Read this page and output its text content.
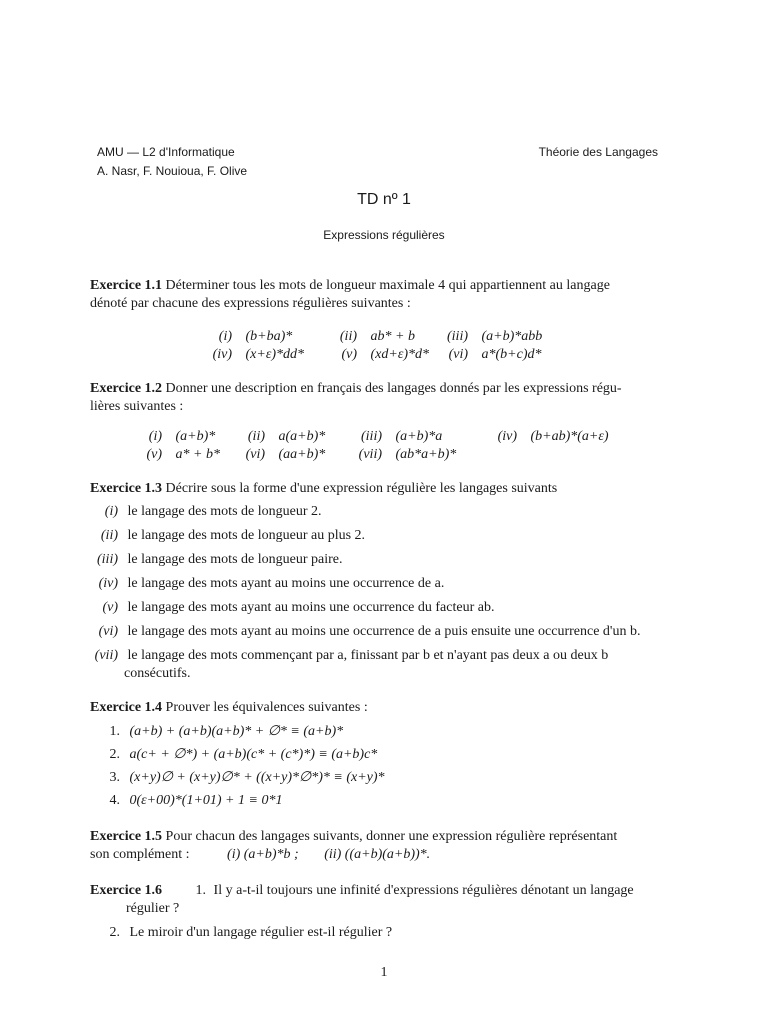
AMU — L2 d'Informatique
A. Nasr, F. Nouioua, F. Olive
Théorie des Langages
TD nº 1
Expressions régulières
Exercice 1.1 Déterminer tous les mots de longueur maximale 4 qui appartiennent au langage
dénoté par chacune des expressions régulières suivantes :
(i) (b+ba)*	(ii) ab* + b (iii) (a+b)*abb
(iv) (x+ε)*dd*	(v) (xd+ε)*d* (vi) a*(b+c)d*
Exercice 1.2 Donner une description en français des langages donnés par les expressions régu-
lières suivantes :
(i) (a+b)* (ii) a(a+b)*	(iii) (a+b)*a	(iv) (b+ab)*(a+ε)
(v) a* + b* (vi) (aa+b)* (vii) (ab*a+b)*
Exercice 1.3 Décrire sous la forme d'une expression régulière les langages suivants
(i) le langage des mots de longueur 2.
(ii) le langage des mots de longueur au plus 2.
(iii) le langage des mots de longueur paire.
(iv) le langage des mots ayant au moins une occurrence de a.
(v) le langage des mots ayant au moins une occurrence du facteur ab.
(vi) le langage des mots ayant au moins une occurrence de a puis ensuite une occurrence d'un b.
(vii) le langage des mots commençant par a, finissant par b et n'ayant pas deux a ou deux b
consécutifs.
Exercice 1.4 Prouver les équivalences suivantes :
1. (a+b) + (a+b)(a+b)* + ∅* ≡ (a+b)*
2. a(c+ + ∅*) + (a+b)(c* + (c*)*) ≡ (a+b)c*
3. (x+y)∅ + (x+y)∅* + ((x+y)*∅*)* ≡ (x+y)*
4. 0(ε+00)*(1+01) + 1 ≡ 0*1
Exercice 1.5 Pour chacun des langages suivants, donner une expression régulière représentant
son complément :	(i) (a+b)*b ; (ii) ((a+b)(a+b))*.
Exercice 1.6 1. Il y a-t-il toujours une infinité d'expressions régulières dénotant un langage
régulier ?
2. Le miroir d'un langage régulier est-il régulier ?
1
